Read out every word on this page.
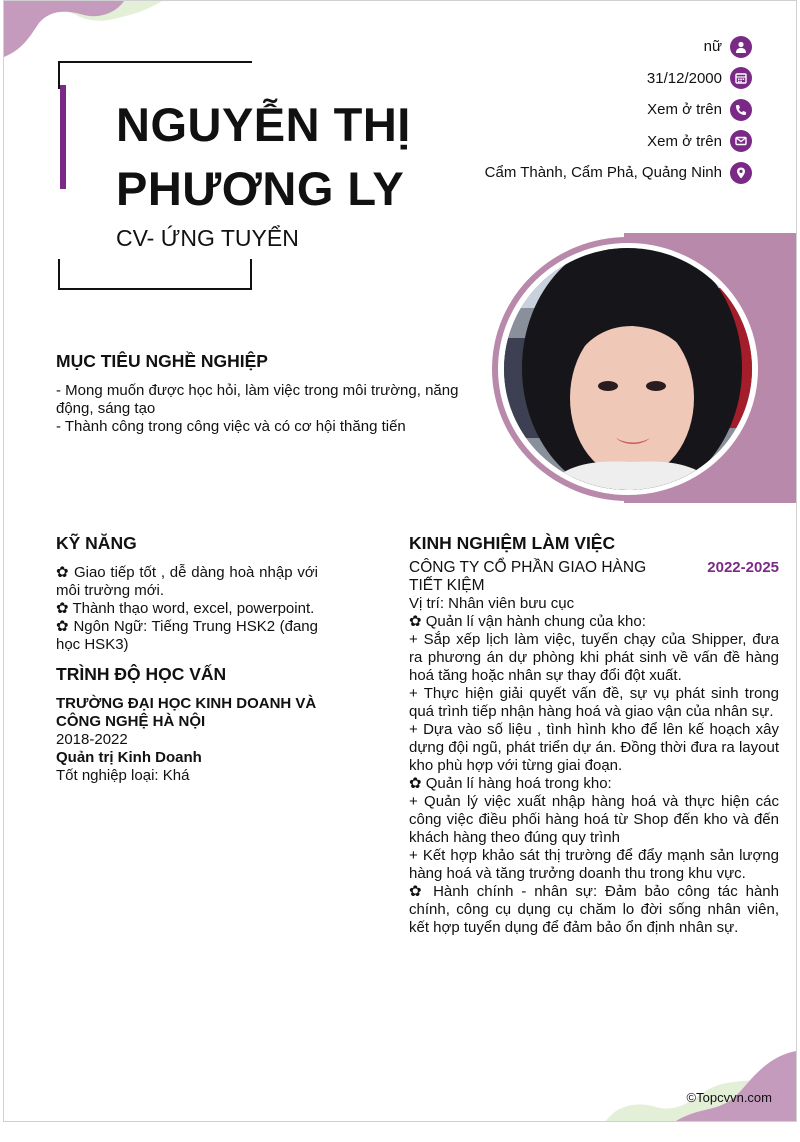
NGUYỄN THỊ PHƯƠNG LY
CV- ỨNG TUYỂN
nữ
31/12/2000
Xem ở trên
Xem ở trên
Cẩm Thành, Cẩm Phả, Quảng Ninh
MỤC TIÊU NGHỀ NGHIỆP
- Mong muốn được học hỏi, làm việc trong môi trường, năng động, sáng tạo
- Thành công trong công việc và có cơ hội thăng tiến
KỸ NĂNG
✿ Giao tiếp tốt , dễ dàng hoà nhập với môi trường mới.
✿ Thành thạo word, excel, powerpoint.
✿ Ngôn Ngữ: Tiếng Trung HSK2 (đang học HSK3)
TRÌNH ĐỘ HỌC VẤN
TRƯỜNG ĐẠI HỌC KINH DOANH VÀ CÔNG NGHỆ HÀ NỘI
2018-2022
Quản trị Kinh Doanh
Tốt nghiệp loại: Khá
KINH NGHIỆM LÀM VIỆC
CÔNG TY CỔ PHẦN GIAO HÀNG TIẾT KIỆM
2022-2025
Vị trí: Nhân viên bưu cục
✿ Quản lí vận hành chung của kho:
+ Sắp xếp lịch làm việc, tuyến chạy của Shipper, đưa ra phương án dự phòng khi phát sinh về vấn đề hàng hoá tăng hoặc nhân sự thay đổi đột xuất.
+ Thực hiện giải quyết vấn đề, sự vụ phát sinh trong quá trình tiếp nhận hàng hoá và giao vận của nhân sự.
+ Dựa vào số liệu , tình hình kho để lên kế hoạch xây dựng đội ngũ, phát triển dự án. Đồng thời đưa ra layout kho phù hợp với từng giai đoạn.
✿ Quản lí hàng hoá trong kho:
+ Quản lý việc xuất nhập hàng hoá và thực hiện các công việc điều phối hàng hoá từ Shop đến kho và đến khách hàng theo đúng quy trình
+ Kết hợp khảo sát thị trường để đẩy mạnh sản lượng hàng hoá và tăng trưởng doanh thu trong khu vực.
✿ Hành chính - nhân sự: Đảm bảo công tác hành chính, công cụ dụng cụ chăm lo đời sống nhân viên, kết hợp tuyển dụng để đảm bảo ổn định nhân sự.
©Topcvvn.com
